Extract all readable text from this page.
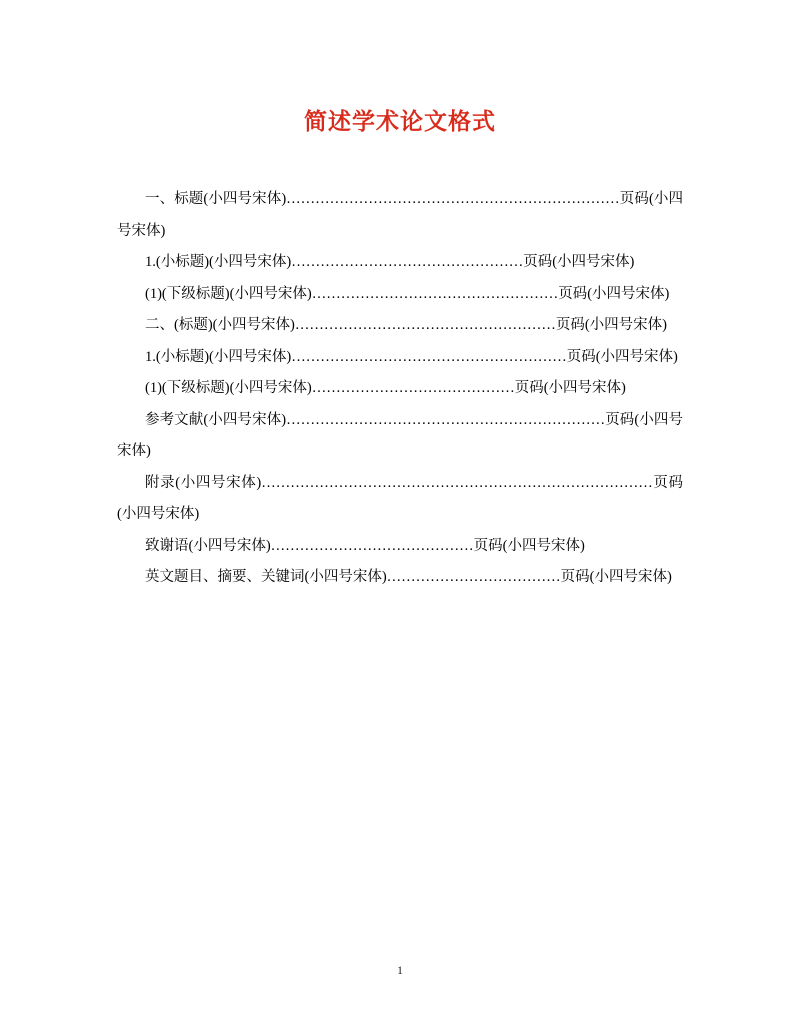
简述学术论文格式

一、标题(小四号宋体)……………………………………………………………页码(小四号宋体)

1.(小标题)(小四号宋体)…………………………………………页码(小四号宋体)

(1)(下级标题)(小四号宋体)……………………………………………页码(小四号宋体)

二、(标题)(小四号宋体)………………………………………………页码(小四号宋体)

1.(小标题)(小四号宋体)…………………………………………………页码(小四号宋体)

(1)(下级标题)(小四号宋体)……………………………………页码(小四号宋体)

参考文献(小四号宋体)…………………………………………………………页码(小四号宋体)

附录(小四号宋体)………………………………………………………………………页码(小四号宋体)

致谢语(小四号宋体)……………………………………页码(小四号宋体)

英文题目、摘要、关键词(小四号宋体)………………………………页码(小四号宋体)

1
